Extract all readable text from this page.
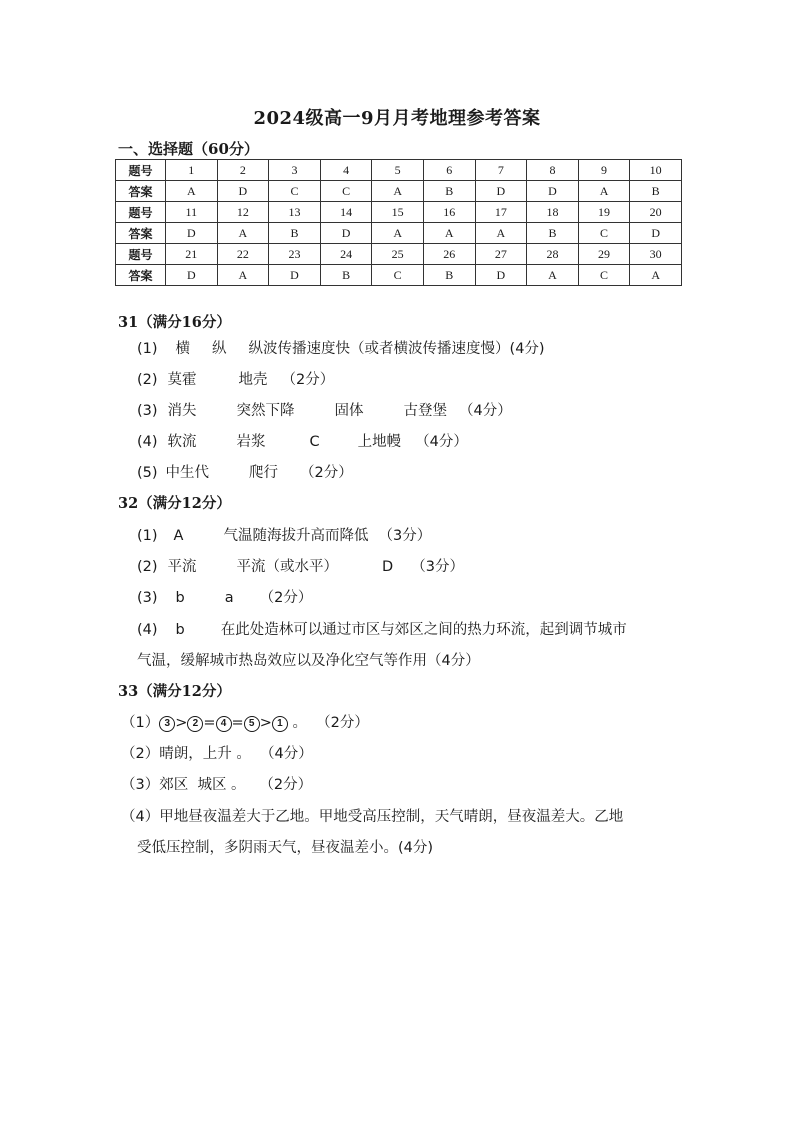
2024级高一9月月考地理参考答案
一、选择题（60分）
题号	1	2	3	4	5	6	7	8	9	10
答案	A	D	C	C	A	B	D	D	A	B
题号	11	12	13	14	15	16	17	18	19	20
答案	D	A	B	D	A	A	A	B	C	D
题号	21	22	23	24	25	26	27	28	29	30
答案	D	A	D	B	C	B	D	A	C	A
31（满分16分）
(1) 横 纵 纵波传播速度快（或者横波传播速度慢）(4分)
(2) 莫霍	地壳 （2分）
(3) 消失	突然下降	固体	古登堡 （4分）
(4) 软流	岩浆	C	上地幔 （4分）
(5) 中生代	爬行 （2分）
32（满分12分）
(1) A	气温随海拔升高而降低 （3分）
(2) 平流	平流（或水平）	D （3分）
(3) b	a （2分）
(4) b 在此处造林可以通过市区与郊区之间的热力环流，起到调节城市
气温，缓解城市热岛效应以及净化空气等作用（4分）
33（满分12分）
（1） 3 > 2 = 4 = 5 > 1 。  （2分）
（2）晴朗，上升 。  （4分）
（3）郊区  城区 。   （2分）
（4）甲地昼夜温差大于乙地。甲地受高压控制，天气晴朗，昼夜温差大。乙地
受低压控制，多阴雨天气，昼夜温差小。(4分)
